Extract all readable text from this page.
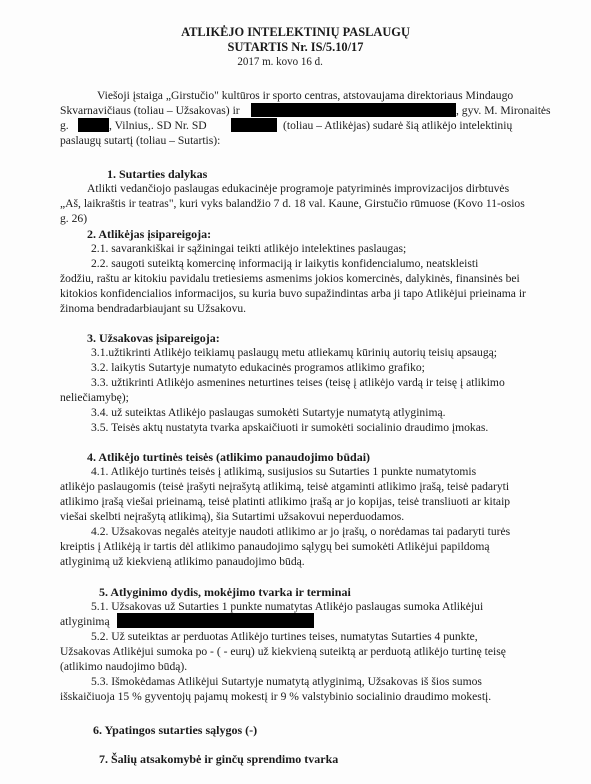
ATLIKĖJO INTELEKTINIŲ PASLAUGŲ
SUTARTIS Nr. IS/5.10/17
2017 m. kovo 16 d.
Viešoji įstaiga „Girstučio" kultūros ir sporto centras, atstovaujama direktoriaus Mindaugo
Skvarnavičiaus (toliau – Užsakovas) ir	, gyv. M. Mironaitės
g.	, Vilnius,. SD Nr. SD	(toliau – Atlikėjas) sudarė šią atlikėjo intelektinių
paslaugų sutartį (toliau – Sutartis):
1. Sutarties dalykas
Atlikti vedančiojo paslaugas edukacinėje programoje patyriminės improvizacijos dirbtuvės
„Aš, laikraštis ir teatras", kuri vyks balandžio 7 d. 18 val. Kaune, Girstučio rūmuose (Kovo 11-osios
g. 26)
2. Atlikėjas įsipareigoja:
2.1. savarankiškai ir sąžiningai teikti atlikėjo intelektines paslaugas;
2.2. saugoti suteiktą komercinę informaciją ir laikytis konfidencialumo, neatskleisti
žodžiu, raštu ar kitokiu pavidalu tretiesiems asmenims jokios komercinės, dalykinės, finansinės bei
kitokios konfidencialios informacijos, su kuria buvo supažindintas arba ji tapo Atlikėjui prieinama ir
žinoma bendradarbiaujant su Užsakovu.
3. Užsakovas įsipareigoja:
3.1.užtikrinti Atlikėjo teikiamų paslaugų metu atliekamų kūrinių autorių teisių apsaugą;
3.2. laikytis Sutartyje numatyto edukacinės programos atlikimo grafiko;
3.3. užtikrinti Atlikėjo asmenines neturtines teises (teisę į atlikėjo vardą ir teisę į atlikimo
neliečiamybę);
3.4. už suteiktas Atlikėjo paslaugas sumokėti Sutartyje numatytą atlyginimą.
3.5. Teisės aktų nustatyta tvarka apskaičiuoti ir sumokėti socialinio draudimo įmokas.
4. Atlikėjo turtinės teisės (atlikimo panaudojimo būdai)
4.1. Atlikėjo turtinės teisės į atlikimą, susijusios su Sutarties 1 punkte numatytomis
atlikėjo paslaugomis (teisė įrašyti neįrašytą atlikimą, teisė atgaminti atlikimo įrašą, teisė padaryti
atlikimo įrašą viešai prieinamą, teisė platinti atlikimo įrašą ar jo kopijas, teisė transliuoti ar kitaip
viešai skelbti neįrašytą atlikimą), šia Sutartimi užsakovui neperduodamos.
4.2. Užsakovas negalės ateityje naudoti atlikimo ar jo įrašų, o norėdamas tai padaryti turės
kreiptis į Atlikėją ir tartis dėl atlikimo panaudojimo sąlygų bei sumokėti Atlikėjui papildomą
atlyginimą už kiekvieną atlikimo panaudojimo būdą.
5. Atlyginimo dydis, mokėjimo tvarka ir terminai
5.1. Užsakovas už Sutarties 1 punkte numatytas Atlikėjo paslaugas sumoka Atlikėjui
atlyginimą
5.2. Už suteiktas ar perduotas Atlikėjo turtines teises, numatytas Sutarties 4 punkte,
Užsakovas Atlikėjui sumoka po - ( - eurų) už kiekvieną suteiktą ar perduotą atlikėjo turtinę teisę
(atlikimo naudojimo būdą).
5.3. Išmokėdamas Atlikėjui Sutartyje numatytą atlyginimą, Užsakovas iš šios sumos
išskaičiuoja 15 % gyventojų pajamų mokestį ir 9 % valstybinio socialinio draudimo mokestį.
6. Ypatingos sutarties sąlygos (-)
7. Šalių atsakomybė ir ginčų sprendimo tvarka
